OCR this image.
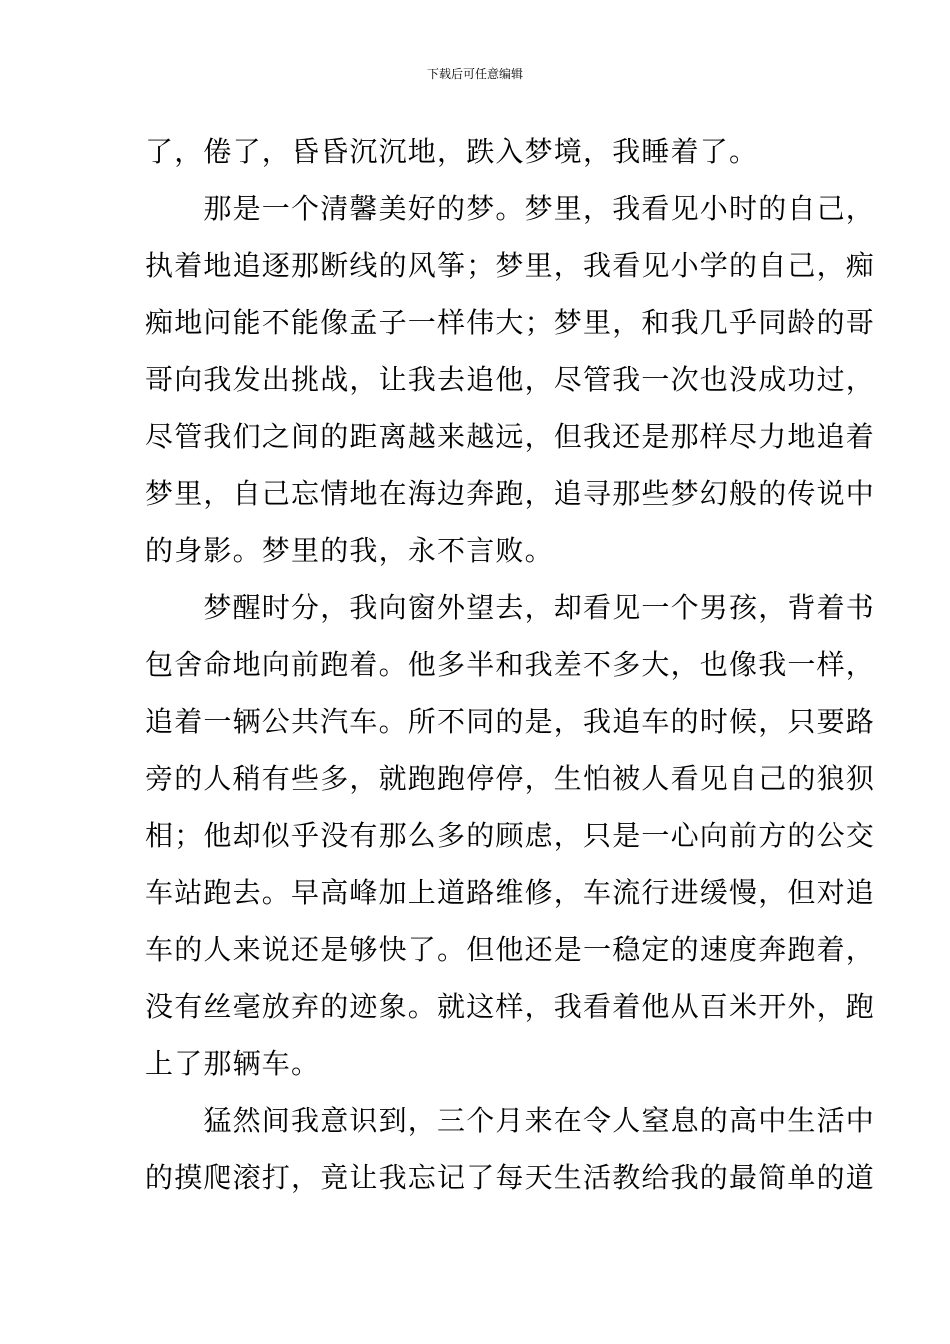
下载后可任意编辑
了，倦了，昏昏沉沉地，跌入梦境，我睡着了。
　　那是一个清馨美好的梦。梦里，我看见小时的自己，
执着地追逐那断线的风筝；梦里，我看见小学的自己，痴
痴地问能不能像孟子一样伟大；梦里，和我几乎同龄的哥
哥向我发出挑战，让我去追他，尽管我一次也没成功过，
尽管我们之间的距离越来越远，但我还是那样尽力地追着
梦里，自己忘情地在海边奔跑，追寻那些梦幻般的传说中
的身影。梦里的我，永不言败。
　　梦醒时分，我向窗外望去，却看见一个男孩，背着书
包舍命地向前跑着。他多半和我差不多大，也像我一样，
追着一辆公共汽车。所不同的是，我追车的时候，只要路
旁的人稍有些多，就跑跑停停，生怕被人看见自己的狼狈
相；他却似乎没有那么多的顾虑，只是一心向前方的公交
车站跑去。早高峰加上道路维修，车流行进缓慢，但对追
车的人来说还是够快了。但他还是一稳定的速度奔跑着，
没有丝毫放弃的迹象。就这样，我看着他从百米开外，跑
上了那辆车。
　　猛然间我意识到，三个月来在令人窒息的高中生活中
的摸爬滚打，竟让我忘记了每天生活教给我的最简单的道
